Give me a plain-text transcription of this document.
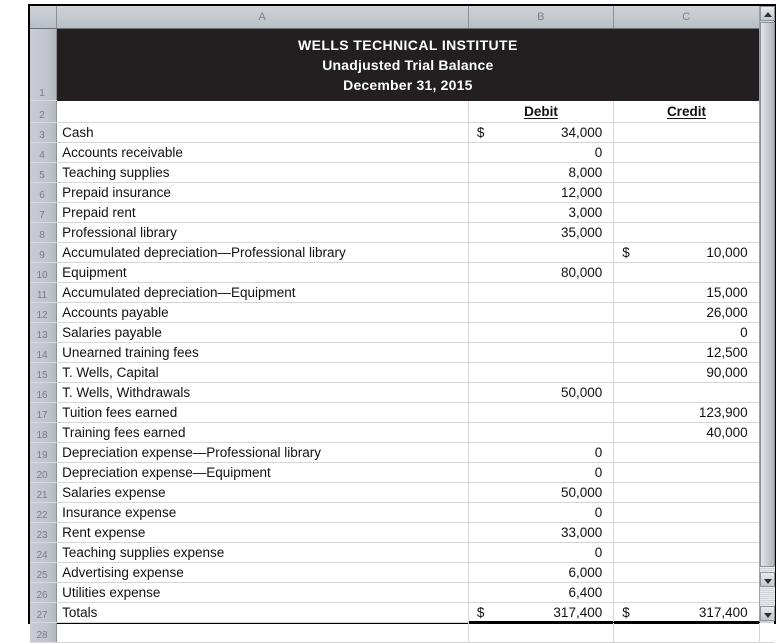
	A	B	C	
1	WELLS TECHNICAL INSTITUTE
Unadjusted Trial Balance
December 31, 2015			

2		Debit	Credit	
3	Cash	$ 34,000		

4	Accounts receivable	0		

5	Teaching supplies	8,000		

6	Prepaid insurance	12,000		

7	Prepaid rent	3,000		

8	Professional library	35,000		

9	Accumulated depreciation—Professional library		$ 10,000	

10	Equipment	80,000		

11	Accumulated depreciation—Equipment		15,000	

12	Accounts payable		26,000	

13	Salaries payable		0	

14	Unearned training fees		12,500	

15	T. Wells, Capital		90,000	

16	T. Wells, Withdrawals	50,000		

17	Tuition fees earned		123,900	

18	Training fees earned		40,000	

19	Depreciation expense—Professional library	0		

20	Depreciation expense—Equipment	0		

21	Salaries expense	50,000		

22	Insurance expense	0		

23	Rent expense	33,000		

24	Teaching supplies expense	0		

25	Advertising expense	6,000		

26	Utilities expense	6,400		

27	Totals	$ 317,400	$ 317,400	

28		
